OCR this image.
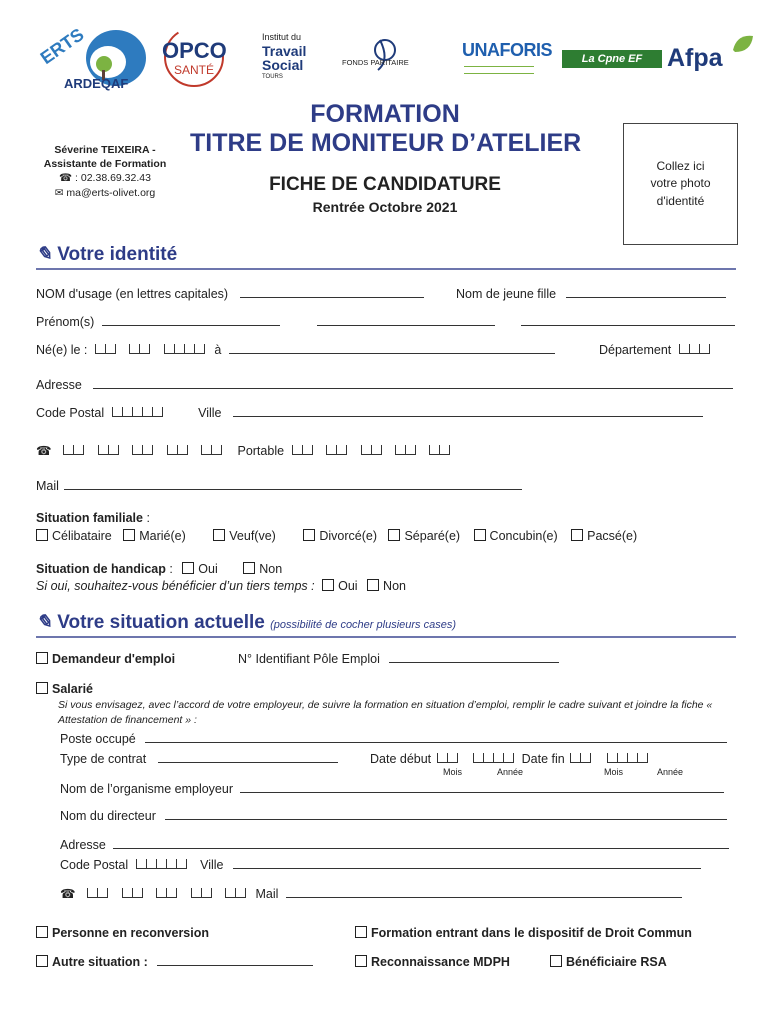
ERTS
ARDEQAF
OPCO
SANTÉ
Institut du
Travail
Social
TOURS
FONDS PARITAIRE
UNAFORIS	La Cpne EF Afpa
Séverine TEIXEIRA -
Assistante de Formation
☎ : 02.38.69.32.43
✉ ma@erts-olivet.org
FORMATION
TITRE DE MONITEUR D’ATELIER
FICHE DE CANDIDATURE
Rentrée Octobre 2021
Collez ici
votre photo
d'identité
✎ Votre identité
NOM d'usage (en lettres capitales)	Nom de jeune fille
Prénom(s)
Né(e) le :	à	Département
Adresse
Code Postal	Ville
☎	Portable
Mail
Situation familiale :
Célibataire Marié(e)	Veuf(ve)	Divorcé(e) Séparé(e) Concubin(e) Pacsé(e)
Situation de handicap : Oui	Non
Si oui, souhaitez-vous bénéficier d’un tiers temps : Oui Non
✎ Votre situation actuelle (possibilité de cocher plusieurs cases)
Demandeur d'emploi	N° Identifiant Pôle Emploi
Salarié
Si vous envisagez, avec l’accord de votre employeur, de suivre la formation en situation d’emploi, remplir le cadre suivant et joindre la fiche « Attestation de financement » :
Poste occupé
Type de contrat	Date début	Date fin
Mois	Année	Mois	Année
Nom de l’organisme employeur
Nom du directeur
Adresse
Code Postal	Ville
☎	Mail
Personne en reconversion	Formation entrant dans le dispositif de Droit Commun
Autre situation :	Reconnaissance MDPH	Bénéficiaire RSA
